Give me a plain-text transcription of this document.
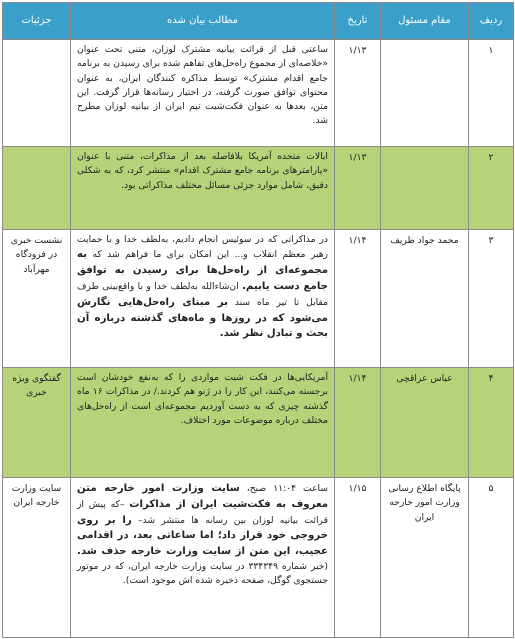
ردیف	مقام مسئول	تاریخ	مطالب بیان شده	جزئیات
۱		۱/۱۳	ساعتی قبل از قرائت بیانیه مشترک لوزان، متنی تحت عنوان «خلاصه‌ای از مجموع راه‌حل‌های تفاهم شده برای رسیدن به برنامه جامع اقدام مشترک» توسط مذاکره کنندگان ایران، به عنوان محتوای توافق صورت گرفته، در اختیار رسانه‌ها قرار گرفت. این متن، بعدها به عنوان فکت‌شیت تیم ایران از بیانیه لوزان مطرح شد.	
۲		۱/۱۳	ایالات متحده آمریکا بلافاصله بعد از مذاکرات، متنی با عنوان «پارامترهای برنامه جامع مشترک اقدام» منتشر کرد، که به شکلی دقیق، شامل موارد جزئی مسائل مختلف مذاکراتی بود.	
۳	محمد جواد ظریف	۱/۱۴	در مذاکراتی که در سوئیس انجام دادیم، به‌لطف خدا و با حمایت رهبر معظم انقلاب و... این امکان برای ما فراهم شد که به مجموعه‌ای از راه‌حل‌ها برای رسیدن به توافق جامع دست یابیم. ان‌شاءالله به‌لطف خدا و با واقع‌بینی طرف مقابل تا تیر ماه سند بر مبنای راه‌حل‌هایی نگارش می‌شود که در روزها و ماه‌های گذشته درباره آن بحث و تبادل نظر شد.	نشست خبری در فرودگاه مهرآباد
۴	عباس عراقچی	۱/۱۴	آمریکایی‌ها در فکت شیت مواردی را که به‌نفع خودشان است برجسته می‌کنند، این کار را در ژنو هم کردند./ در مذاکرات ۱۶ ماه گذشته چیزی که به دست آوردیم مجموعه‌ای است از راه‌حل‌های مختلف درباره موضوعات مورد اختلاف.	گفتگوی ویژه خبری
۵	پایگاه اطلاع رسانی وزارت امور خارجه ایران	۱/۱۵	ساعت ۱۱:۰۴ صبح، سایت وزارت امور خارجه متن معروف به فکت‌شیت ایران از مذاکرات –که پیش از قرائت بیانیه لوزان بین رسانه ها منتشر شد– را بر روی خروجی خود قرار داد؛ اما ساعاتی بعد، در اقدامی عجیب، این متن از سایت وزارت خارجه حذف شد. (خبر شماره ۳۳۴۳۴۹ در سایت وزارت خارجه ایران، که در موتور جستجوی گوگل، صفحه ذخیره شده اش موجود است).	سایت وزارت خارجه ایران
